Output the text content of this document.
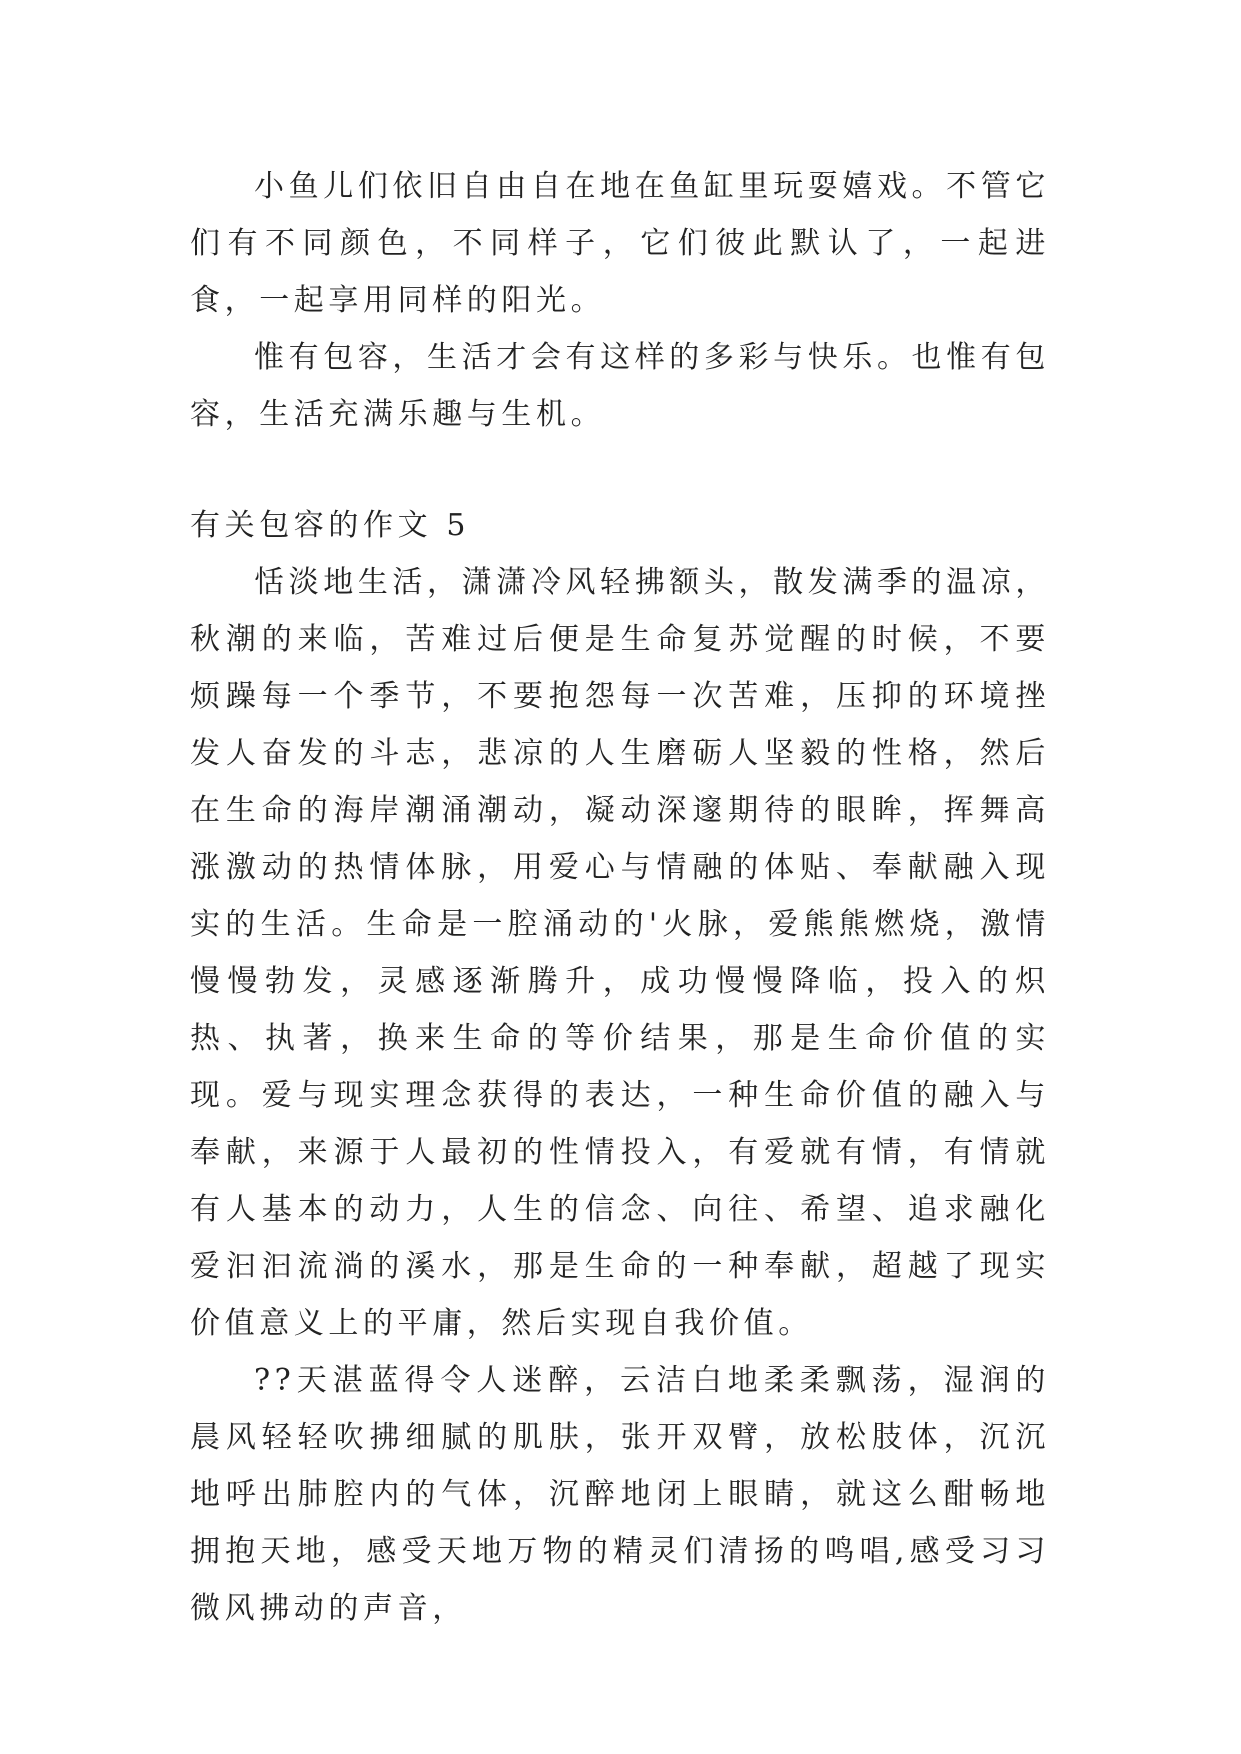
小鱼儿们依旧自由自在地在鱼缸里玩耍嬉戏。不管它们有不同颜色，不同样子，它们彼此默认了，一起进食，一起享用同样的阳光。

惟有包容，生活才会有这样的多彩与快乐。也惟有包容，生活充满乐趣与生机。

有关包容的作文 5

恬淡地生活，潇潇冷风轻拂额头，散发满季的温凉，秋潮的来临，苦难过后便是生命复苏觉醒的时候，不要烦躁每一个季节，不要抱怨每一次苦难，压抑的环境挫发人奋发的斗志，悲凉的人生磨砺人坚毅的性格，然后在生命的海岸潮涌潮动，凝动深邃期待的眼眸，挥舞高涨激动的热情体脉，用爱心与情融的体贴、奉献融入现实的生活。生命是一腔涌动的'火脉，爱熊熊燃烧，激情慢慢勃发，灵感逐渐腾升，成功慢慢降临，投入的炽热、执著，换来生命的等价结果，那是生命价值的实现。爱与现实理念获得的表达，一种生命价值的融入与奉献，来源于人最初的性情投入，有爱就有情，有情就有人基本的动力，人生的信念、向往、希望、追求融化爱汩汩流淌的溪水，那是生命的一种奉献，超越了现实价值意义上的平庸，然后实现自我价值。

??天湛蓝得令人迷醉，云洁白地柔柔飘荡，湿润的晨风轻轻吹拂细腻的肌肤，张开双臂，放松肢体，沉沉地呼出肺腔内的气体，沉醉地闭上眼睛，就这么酣畅地拥抱天地，感受天地万物的精灵们清扬的鸣唱,感受习习微风拂动的声音，
